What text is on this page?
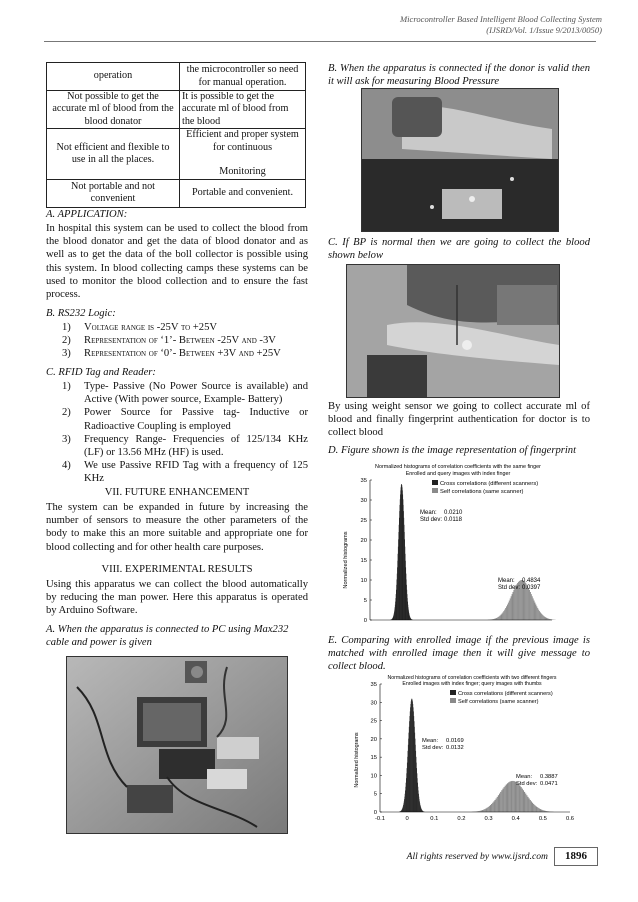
Microcontroller Based Intelligent Blood Collecting System
(IJSRD/Vol. 1/Issue 9/2013/0050)
operation	the microcontroller so need for manual operation.
Not possible to get the accurate ml of blood from the blood donator	It is possible to get the accurate ml of blood from the blood
Not efficient and flexible to use in all the places.	Efficient and proper system for continuous

Monitoring
Not portable and not convenient	Portable and convenient.
A. APPLICATION:
In hospital this system can be used to collect the blood from the blood donator and get the data of blood donator and as well as to get the data of the boll collector is possible using this system. In blood collecting camps these systems can be used to monitor the blood collection and to ensure the fast process.
B. RS232 Logic:
1)	Voltage range is -25V to +25V
2)	Representation of ‘1’- Between -25V and -3V
3)	Representation of ‘0’- Between +3V and +25V
C. RFID Tag and Reader:
1)	Type- Passive (No Power Source is available) and Active (With power source, Example- Battery)
2)	Power Source for Passive tag- Inductive or Radioactive Coupling is employed
3)	Frequency Range- Frequencies of 125/134 KHz (LF) or 13.56 MHz (HF) is used.
4)	We use Passive RFID Tag with a frequency of 125 KHz
VII. FUTURE ENHANCEMENT
The system can be expanded in future by increasing the number of sensors to measure the other parameters of the body to make this an more suitable and appropriate one for blood collecting and for other health care purposes.
VIII. EXPERIMENTAL RESULTS
Using this apparatus we can collect the blood automatically by reducing the man power. Here this apparatus is operated by Arduino Software.
A. When the apparatus is connected to PC using Max232 cable and power is given
B. When the apparatus is connected if the donor is valid then it will ask for measuring Blood Pressure
C. If BP is normal then we are going to collect the blood shown below
By using weight sensor we going to collect accurate ml of blood and finally fingerprint authentication for doctor is to collect blood
D. Figure shown is the image representation of fingerprint
Normalized histograms of correlation coefficients with the same finger
Enrolled and query images with index finger
Normalized histograms
Cross correlations (different scanners)
Self correlations (same scanner)
0
5
10
15
20
25
30
35
Mean: 0.0210
Std dev: 0.0118
Mean: 0.4834
Std dev: 0.0397
E. Comparing with enrolled image if the previous image is matched with enrolled image then it will give message to collect blood.
Normalized histograms of correlation coefficients with two different fingers
Enrolled images with index finger; query images with thumbs
Normalized histograms
Cross correlations (different scanners)
Self correlations (same scanner)
0
5
10
15
20
25
30
35
-0.1	0	0.1	0.2	0.3	0.4	0.5	0.6
Mean: 0.0169
Std dev: 0.0132
Mean: 0.3887
Std dev: 0.0471
All rights reserved by www.ijsrd.com	1896
